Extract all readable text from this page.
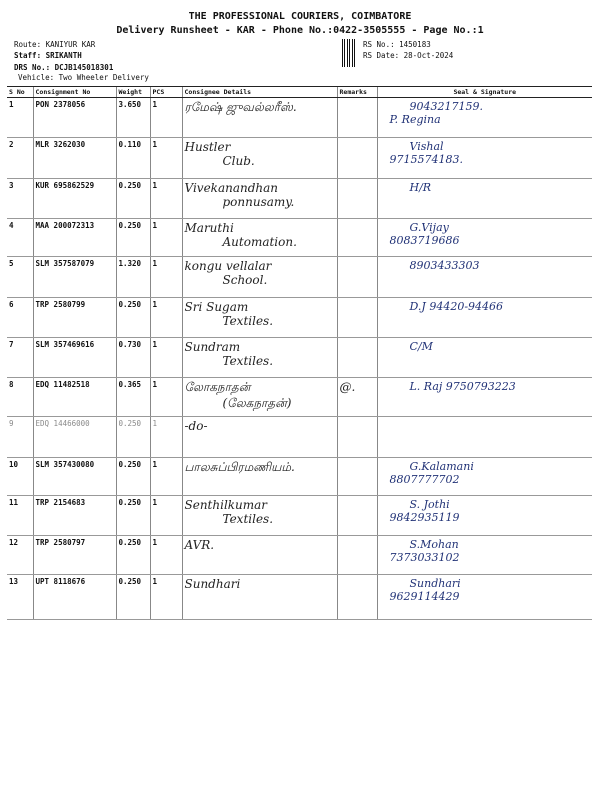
THE PROFESSIONAL COURIERS, COIMBATORE
Delivery Runsheet - KAR - Phone No.:0422-3505555 - Page No.:1
Route: KANIYUR KAR
Staff: SRIKANTH
DRS No.: DCJB145018301
Vehicle: Two Wheeler Delivery
RS No.: 1450183
RS Date: 28-Oct-2024
S No	Consignment No	Weight	PCS	Consignee Details	Remarks	Seal & Signature
1	PON 2378056	3.650	1	ரமேஷ் ஜுவல்லரீஸ்.		9043217159.
P. Regina

2	MLR 3262030	0.110	1	Hustler
Club.		Vishal
9715574183.

3	KUR 695862529	0.250	1	Vivekanandhan
ponnusamy.		H/R

4	MAA 200072313	0.250	1	Maruthi
Automation.		G.Vijay
8083719686

5	SLM 357587079	1.320	1	kongu vellalar
School.		8903433303

6	TRP 2580799	0.250	1	Sri Sugam
Textiles.		D.J 94420-94466

7	SLM 357469616	0.730	1	Sundram
Textiles.		C/M

8	EDQ 11482518	0.365	1	லோகநாதன்
(லேகநாதன்)	@.	L. Raj 9750793223

9	EDQ 14466000	0.250	1	-do-		

10	SLM 357430080	0.250	1	பாலசுப்பிரமணியம்.		G.Kalamani
8807777702

11	TRP 2154683	0.250	1	Senthilkumar
Textiles.		S. Jothi
9842935119

12	TRP 2580797	0.250	1	AVR.		S.Mohan
7373033102

13	UPT 8118676	0.250	1	Sundhari		Sundhari
9629114429
